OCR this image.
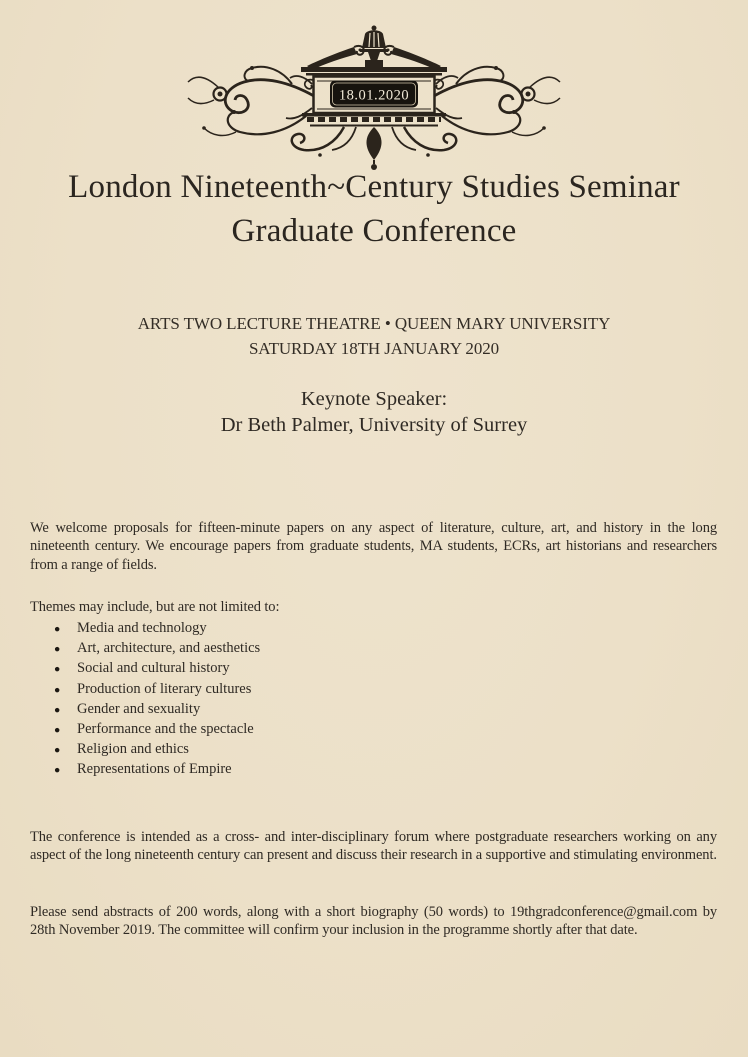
18.01.2020
London Nineteenth~Century Studies Seminar
Graduate Conference
ARTS TWO LECTURE THEATRE • QUEEN MARY UNIVERSITY
SATURDAY 18TH JANUARY 2020
Keynote Speaker:
Dr Beth Palmer, University of Surrey

We welcome proposals for fifteen-minute papers on any aspect of literature, culture, art, and history in the long nineteenth century. We encourage papers from graduate students, MA students, ECRs, art historians and researchers from a range of fields.

Themes may include, but are not limited to:

● Media and technology
● Art, architecture, and aesthetics
● Social and cultural history
● Production of literary cultures
● Gender and sexuality
● Performance and the spectacle
● Religion and ethics
● Representations of Empire

The conference is intended as a cross- and inter-disciplinary forum where postgraduate researchers working on any aspect of the long nineteenth century can present and discuss their research in a supportive and stimulating environment.

Please send abstracts of 200 words, along with a short biography (50 words) to 19thgradconference@gmail.com by 28th November 2019. The committee will confirm your inclusion in the programme shortly after that date.
